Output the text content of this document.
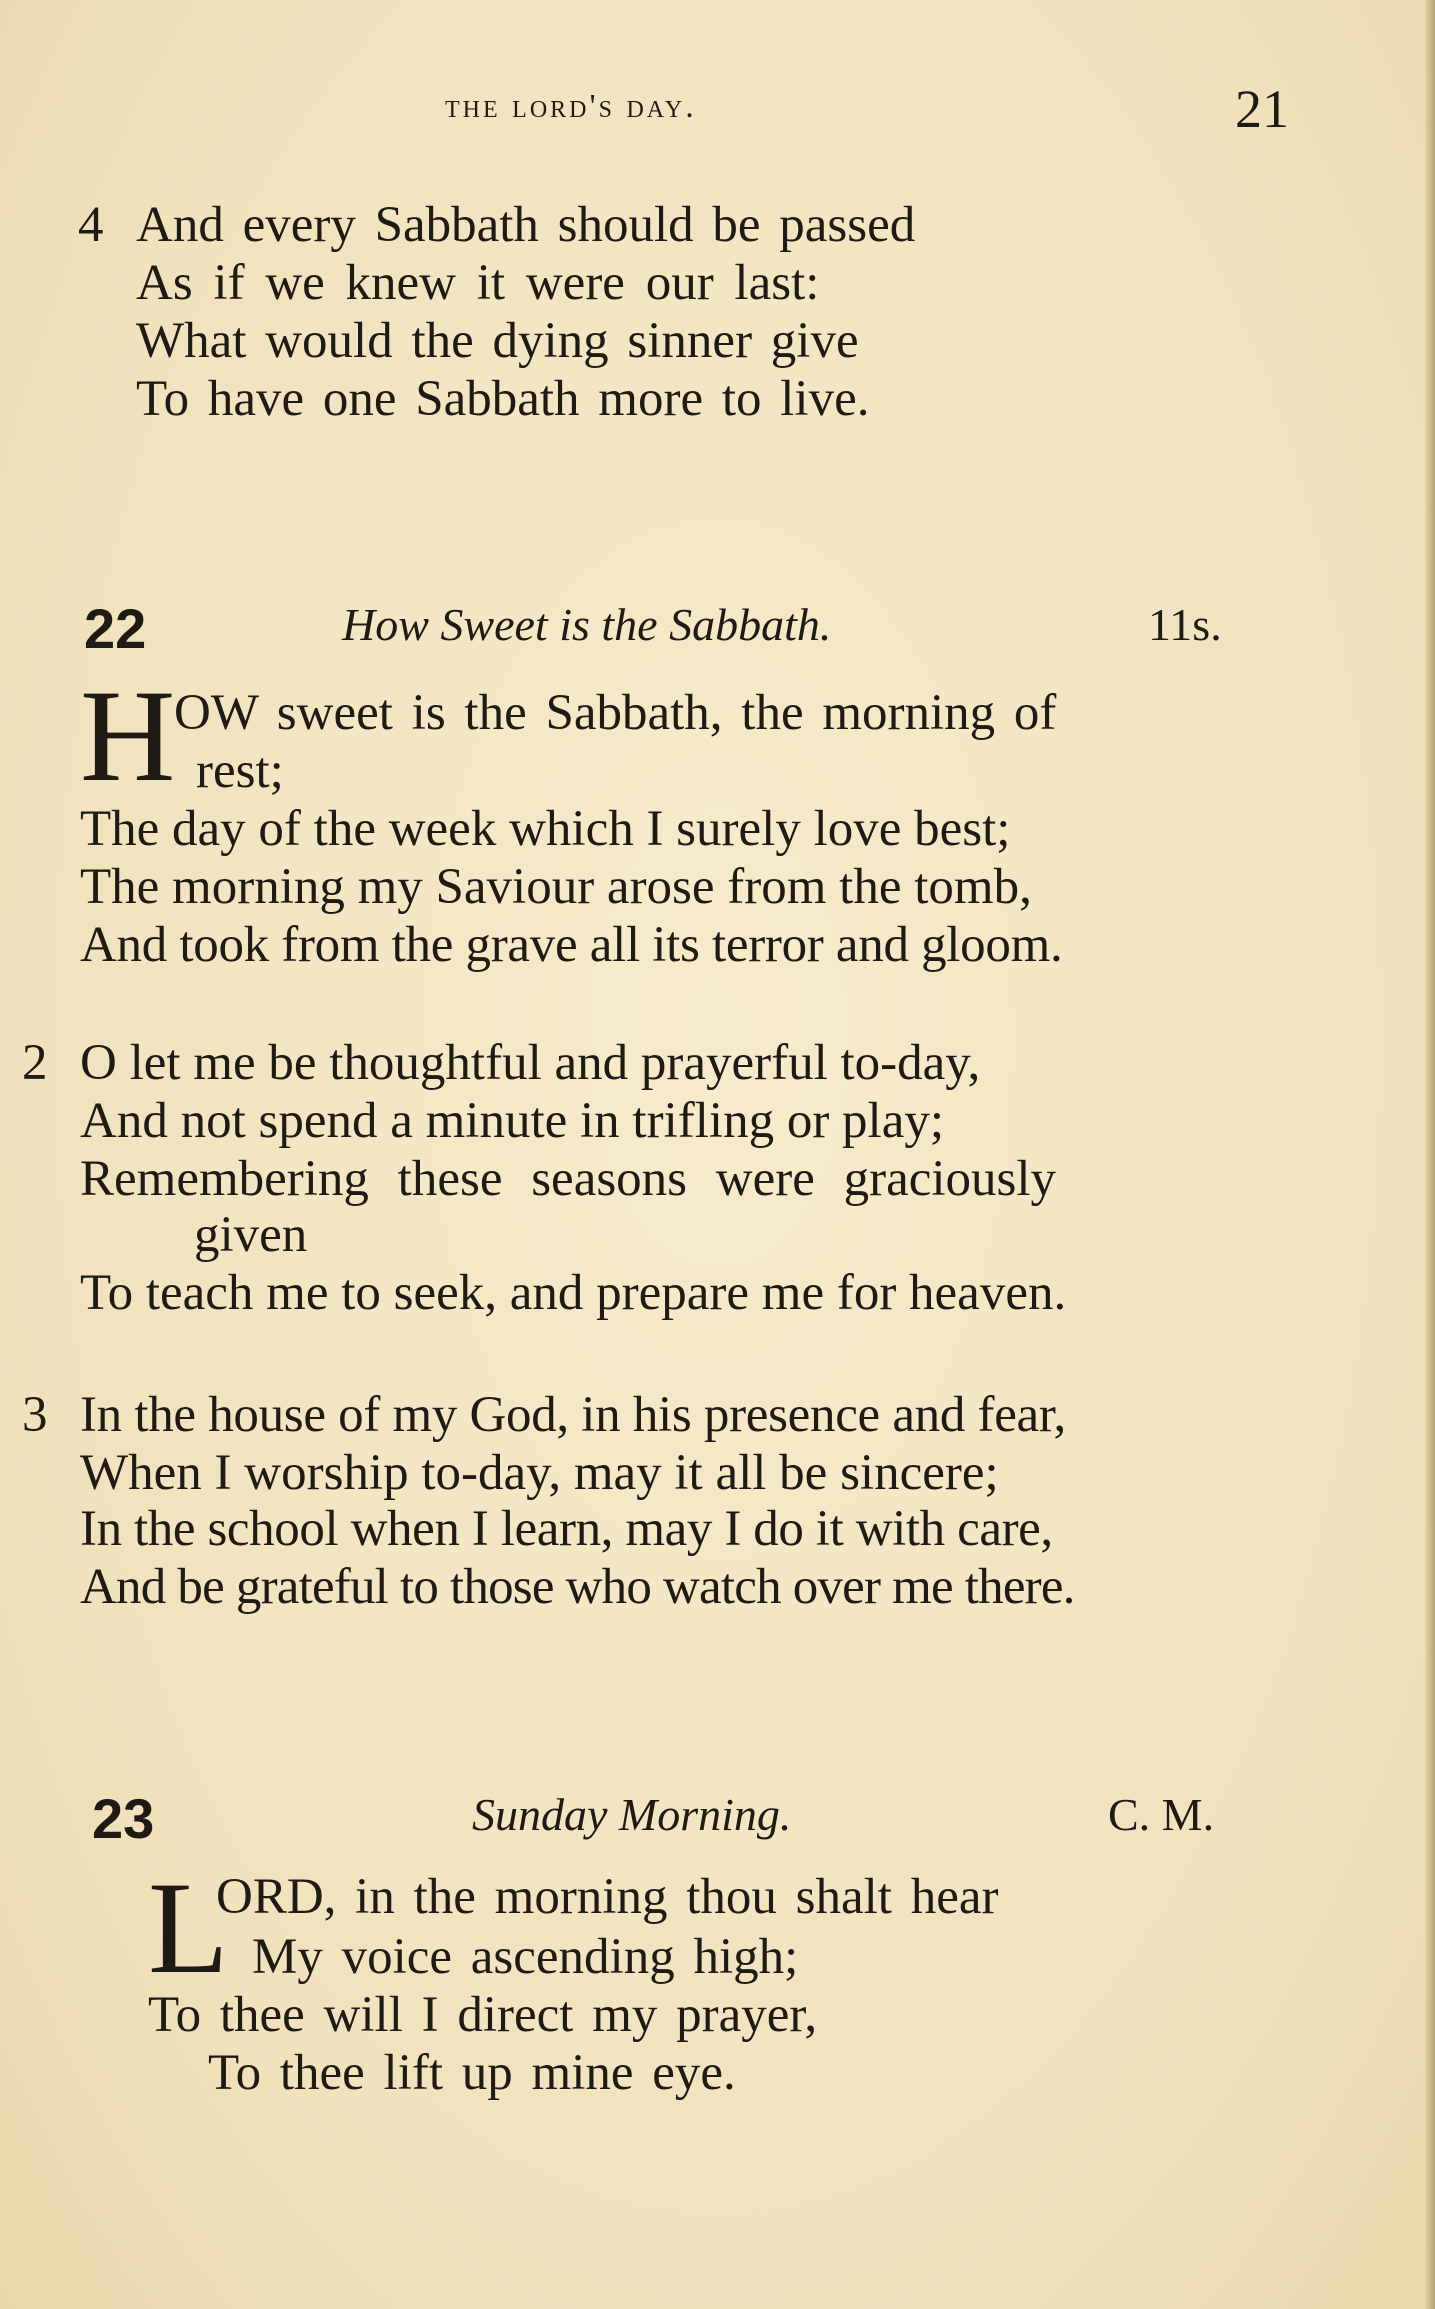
the lord's day.	21
4 And every Sabbath should be passed
As if we knew it were our last:
What would the dying sinner give
To have one Sabbath more to live.
22	How Sweet is the Sabbath.	11s.
H
OW sweet is the Sabbath, the morning of
rest;
The day of the week which I surely love best;
The morning my Saviour arose from the tomb,
And took from the grave all its terror and gloom.
2 O let me be thoughtful and prayerful to-day,
And not spend a minute in trifling or play;
Remembering these seasons were graciously
given
To teach me to seek, and prepare me for heaven.
3 In the house of my God, in his presence and fear,
When I worship to-day, may it all be sincere;
In the school when I learn, may I do it with care,
And be grateful to those who watch over me there.
23	Sunday Morning.	C. M.
L
ORD, in the morning thou shalt hear
My voice ascending high;
To thee will I direct my prayer,
To thee lift up mine eye.
